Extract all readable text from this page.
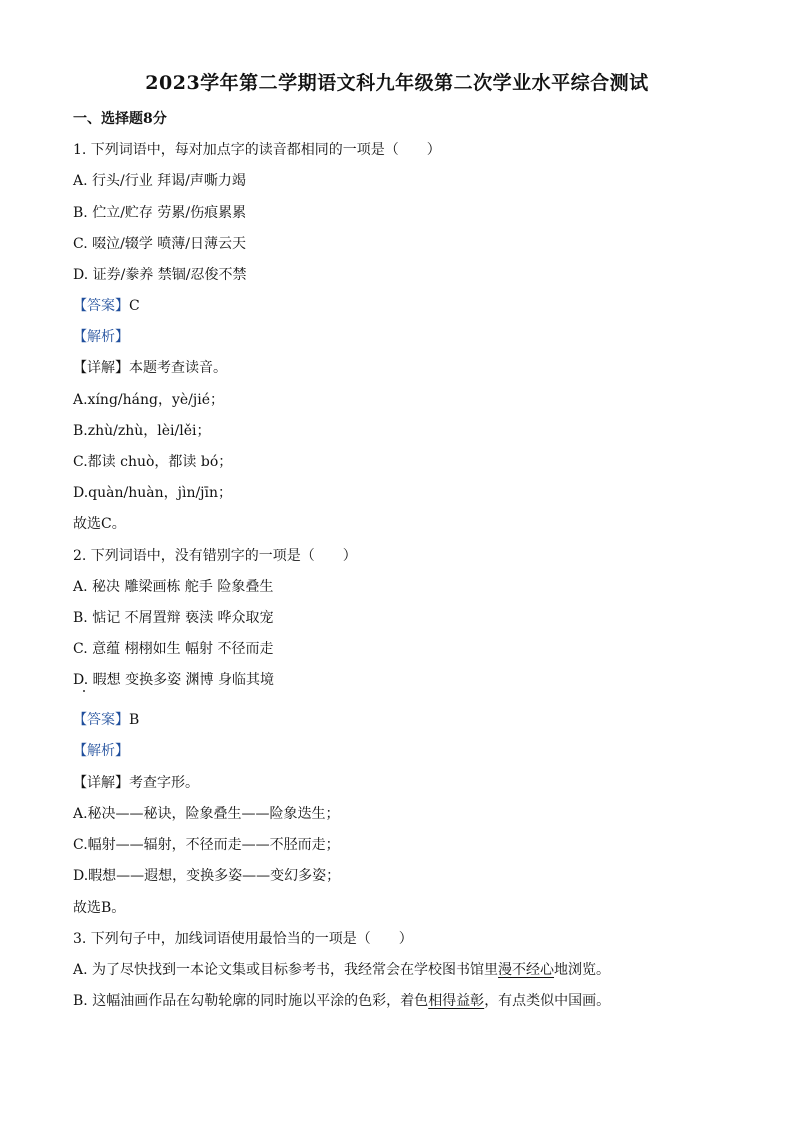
2023学年第二学期语文科九年级第二次学业水平综合测试
一、选择题8分
1. 下列词语中，每对加点字的读音都相同的一项是（　　）
A. 行头/行业 拜谒/声嘶力竭
B. 伫立/贮存 劳累/伤痕累累
C. 啜泣/辍学 喷薄/日薄云天
D. 证券/豢养 禁锢/忍俊不禁
【答案】C
【解析】
【详解】本题考查读音。
A.xíng/háng，yè/jié；
B.zhù/zhù，lèi/lěi；
C.都读 chuò，都读 bó；
D.quàn/huàn，jìn/jīn；
故选C。
2. 下列词语中，没有错别字的一项是（　　）
A. 秘决 雕梁画栋 舵手 险象叠生
B. 惦记 不屑置辩 亵渎 哗众取宠
C. 意蕴 栩栩如生 幅射 不径而走
D. 暇想 变换多姿 渊博 身临其境
【答案】B
【解析】
【详解】考查字形。
A.秘决——秘诀，险象叠生——险象迭生；
C.幅射——辐射，不径而走——不胫而走；
D.暇想——遐想，变换多姿——变幻多姿；
故选B。
3. 下列句子中，加线词语使用最恰当的一项是（　　）
A. 为了尽快找到一本论文集或目标参考书，我经常会在学校图书馆里漫不经心地浏览。
B. 这幅油画作品在勾勒轮廓的同时施以平涂的色彩，着色相得益彰，有点类似中国画。
